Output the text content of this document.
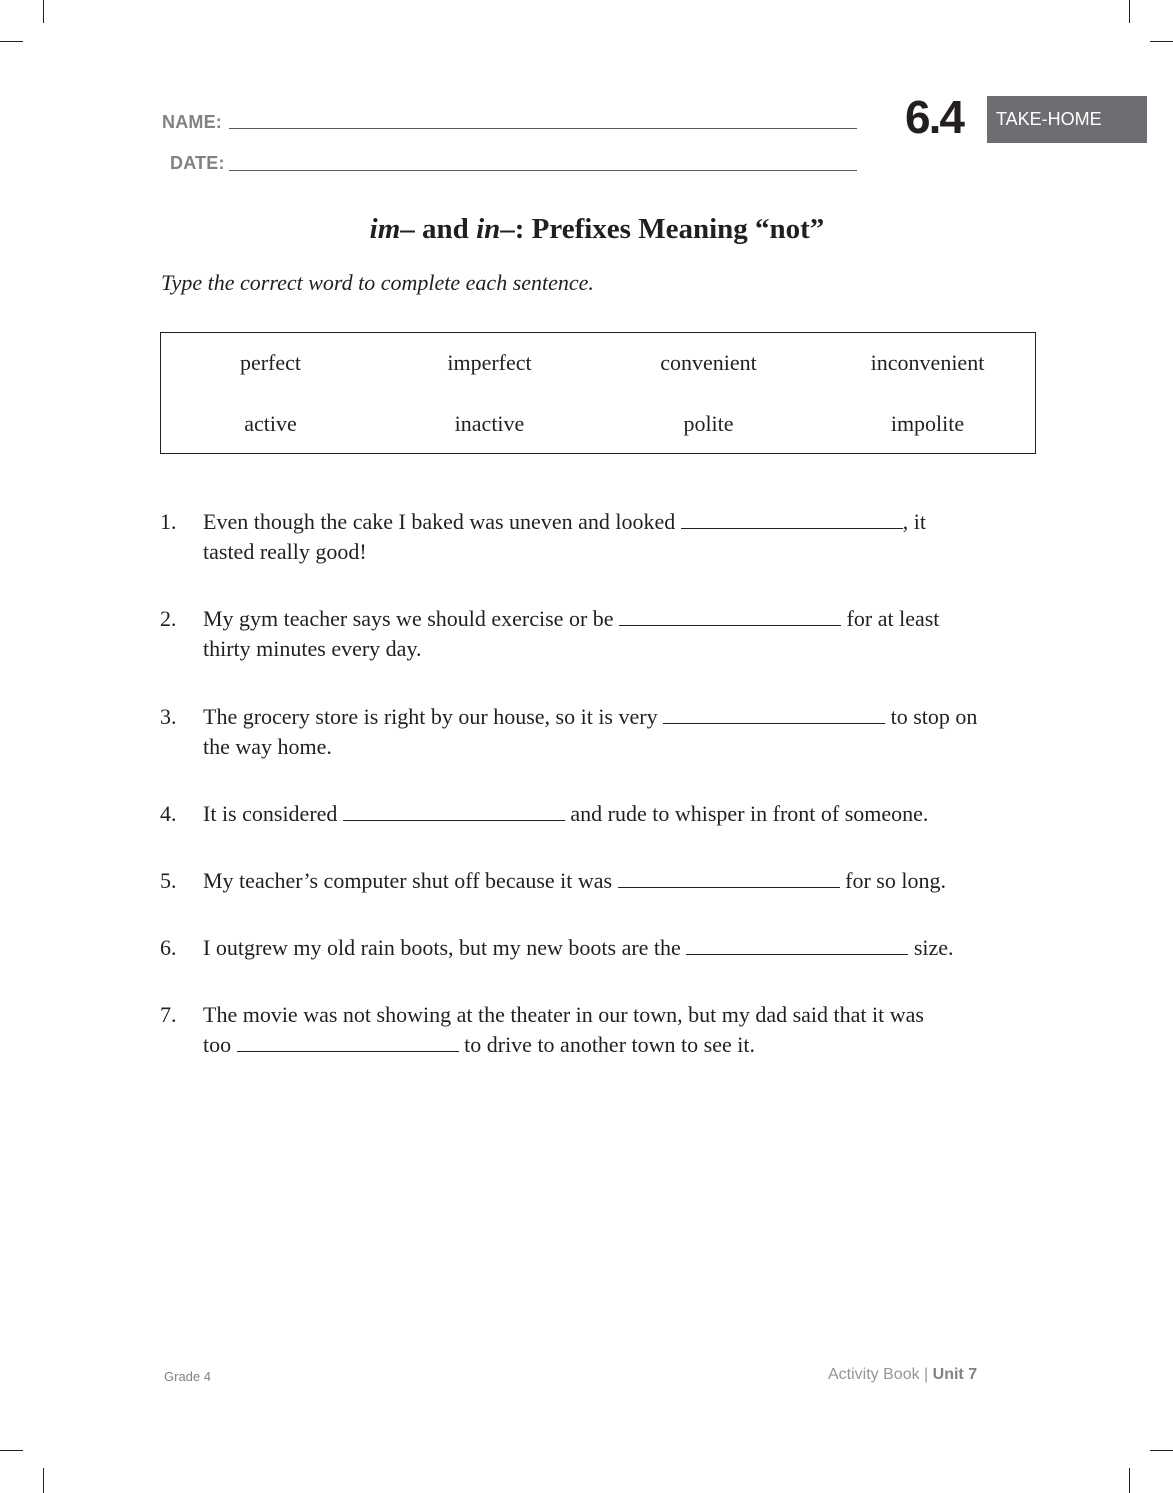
NAME:
DATE:
6.4 TAKE-HOME
im– and in–: Prefixes Meaning “not”
Type the correct word to complete each sentence.
perfect	imperfect	convenient	inconvenient
active	inactive	polite	impolite
1. Even though the cake I baked was uneven and looked	, it
tasted really good!
2. My gym teacher says we should exercise or be	for at least
thirty minutes every day.
3. The grocery store is right by our house, so it is very	to stop on
the way home.
4. It is considered	and rude to whisper in front of someone.
5. My teacher’s computer shut off because it was	for so long.
6. I outgrew my old rain boots, but my new boots are the	size.
7. The movie was not showing at the theater in our town, but my dad said that it was
too	to drive to another town to see it.
Grade 4	Activity Book | Unit 7
